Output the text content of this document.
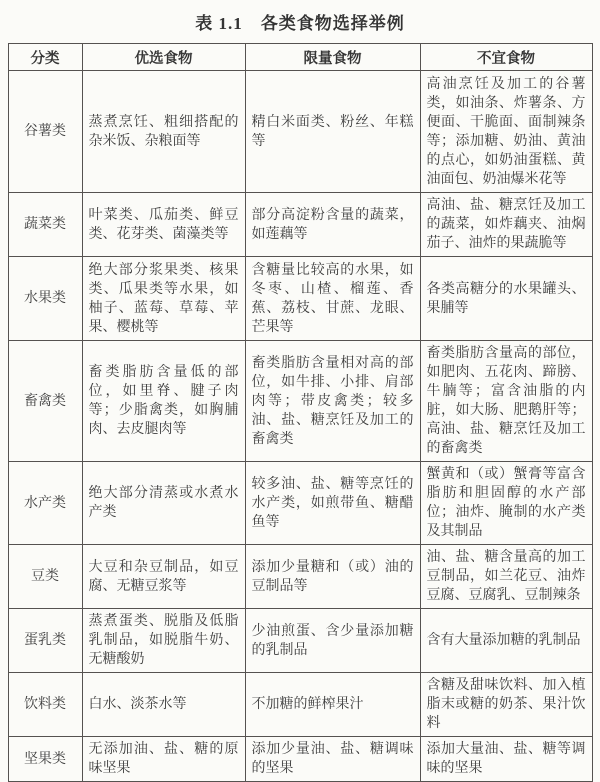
表 1.1　各类食物选择举例
分类	优选食物	限量食物	不宜食物
谷薯类	蒸煮烹饪、粗细搭配的杂米饭、杂粮面等	精白米面类、粉丝、年糕等	高油烹饪及加工的谷薯类，如油条、炸薯条、方便面、干脆面、面制辣条等；添加糖、奶油、黄油的点心，如奶油蛋糕、黄油面包、奶油爆米花等
蔬菜类	叶菜类、瓜茄类、鲜豆类、花芽类、菌藻类等	部分高淀粉含量的蔬菜，如莲藕等	高油、盐、糖烹饪及加工的蔬菜，如炸藕夹、油焖茄子、油炸的果蔬脆等
水果类	绝大部分浆果类、核果类、瓜果类等水果，如柚子、蓝莓、草莓、苹果、樱桃等	含糖量比较高的水果，如冬枣、山楂、榴莲、香蕉、荔枝、甘蔗、龙眼、芒果等	各类高糖分的水果罐头、果脯等
畜禽类	畜类脂肪含量低的部位，如里脊、腱子肉等；少脂禽类，如胸脯肉、去皮腿肉等	畜类脂肪含量相对高的部位，如牛排、小排、肩部肉等；带皮禽类；较多油、盐、糖烹饪及加工的畜禽类	畜类脂肪含量高的部位，如肥肉、五花肉、蹄膀、牛腩等；富含油脂的内脏，如大肠、肥鹅肝等；高油、盐、糖烹饪及加工的畜禽类
水产类	绝大部分清蒸或水煮水产类	较多油、盐、糖等烹饪的水产类，如煎带鱼、糖醋鱼等	蟹黄和（或）蟹膏等富含脂肪和胆固醇的水产部位；油炸、腌制的水产类及其制品
豆类	大豆和杂豆制品，如豆腐、无糖豆浆等	添加少量糖和（或）油的豆制品等	油、盐、糖含量高的加工豆制品，如兰花豆、油炸豆腐、豆腐乳、豆制辣条
蛋乳类	蒸煮蛋类、脱脂及低脂乳制品，如脱脂牛奶、无糖酸奶	少油煎蛋、含少量添加糖的乳制品	含有大量添加糖的乳制品
饮料类	白水、淡茶水等	不加糖的鲜榨果汁	含糖及甜味饮料、加入植脂末或糖的奶茶、果汁饮料
坚果类	无添加油、盐、糖的原味坚果	添加少量油、盐、糖调味的坚果	添加大量油、盐、糖等调味的坚果
